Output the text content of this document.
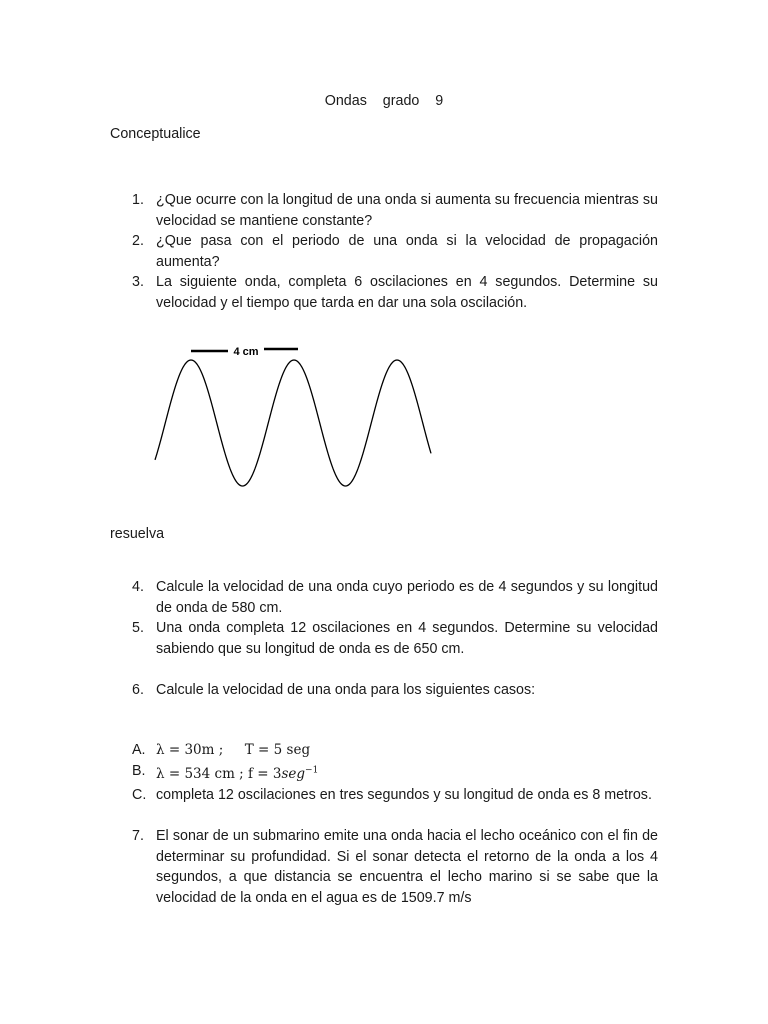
Ondas  grado  9
Conceptualice
1. ¿Que ocurre con la longitud de una onda si aumenta su frecuencia mientras su velocidad se mantiene constante?
2. ¿Que pasa con el periodo de una onda si la velocidad de propagación aumenta?
3. La siguiente onda, completa 6 oscilaciones en 4 segundos. Determine su velocidad y el tiempo que tarda en dar una sola oscilación.
4 cm
resuelva
4. Calcule la velocidad de una onda cuyo periodo es de 4 segundos y su longitud de onda de 580 cm.
5. Una onda completa 12 oscilaciones en 4 segundos. Determine su velocidad sabiendo que su longitud de onda es de 650 cm.
6. Calcule la velocidad de una onda para los siguientes casos:
A. λ = 30m ; T = 5 seg
B. λ = 534 cm ; f = 3seg$^{-1}$
C. completa 12 oscilaciones en tres segundos y su longitud de onda es 8 metros.
7. El sonar de un submarino emite una onda hacia el lecho oceánico con el fin de determinar su profundidad. Si el sonar detecta el retorno de la onda a los 4 segundos, a que distancia se encuentra el lecho marino si se sabe que la velocidad de la onda en el agua es de 1509.7 m/s
